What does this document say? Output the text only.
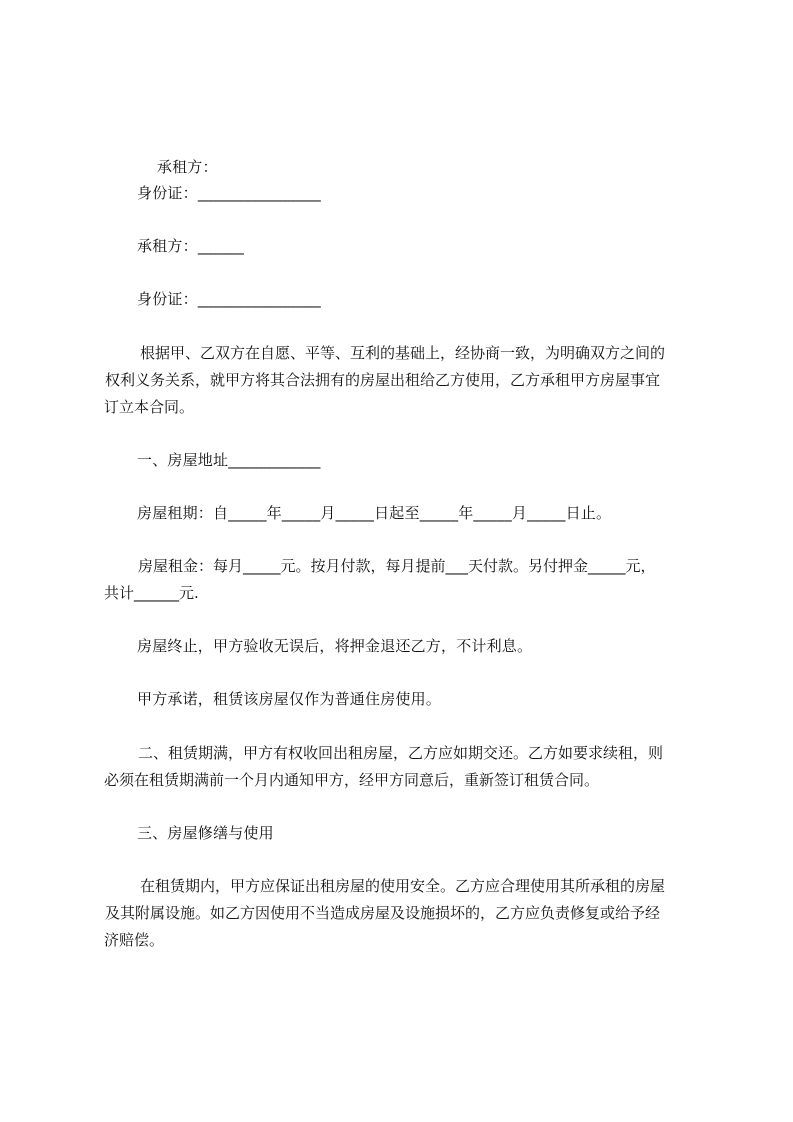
承租方：

身份证：________________

承租方：______

身份证：________________

根据甲、乙双方在自愿、平等、互利的基础上，经协商一致，为明确双方之间的
权利义务关系，就甲方将其合法拥有的房屋出租给乙方使用，乙方承租甲方房屋事宜
订立本合同。

一、房屋地址____________

房屋租期：自_____年_____月_____日起至_____年_____月_____日止。

房屋租金：每月_____元。按月付款，每月提前___天付款。另付押金_____元，
共计______元.

房屋终止，甲方验收无误后，将押金退还乙方，不计利息。

甲方承诺，租赁该房屋仅作为普通住房使用。

二、租赁期满，甲方有权收回出租房屋，乙方应如期交还。乙方如要求续租，则
必须在租赁期满前一个月内通知甲方，经甲方同意后，重新签订租赁合同。

三、房屋修缮与使用

在租赁期内，甲方应保证出租房屋的使用安全。乙方应合理使用其所承租的房屋
及其附属设施。如乙方因使用不当造成房屋及设施损坏的，乙方应负责修复或给予经
济赔偿。
